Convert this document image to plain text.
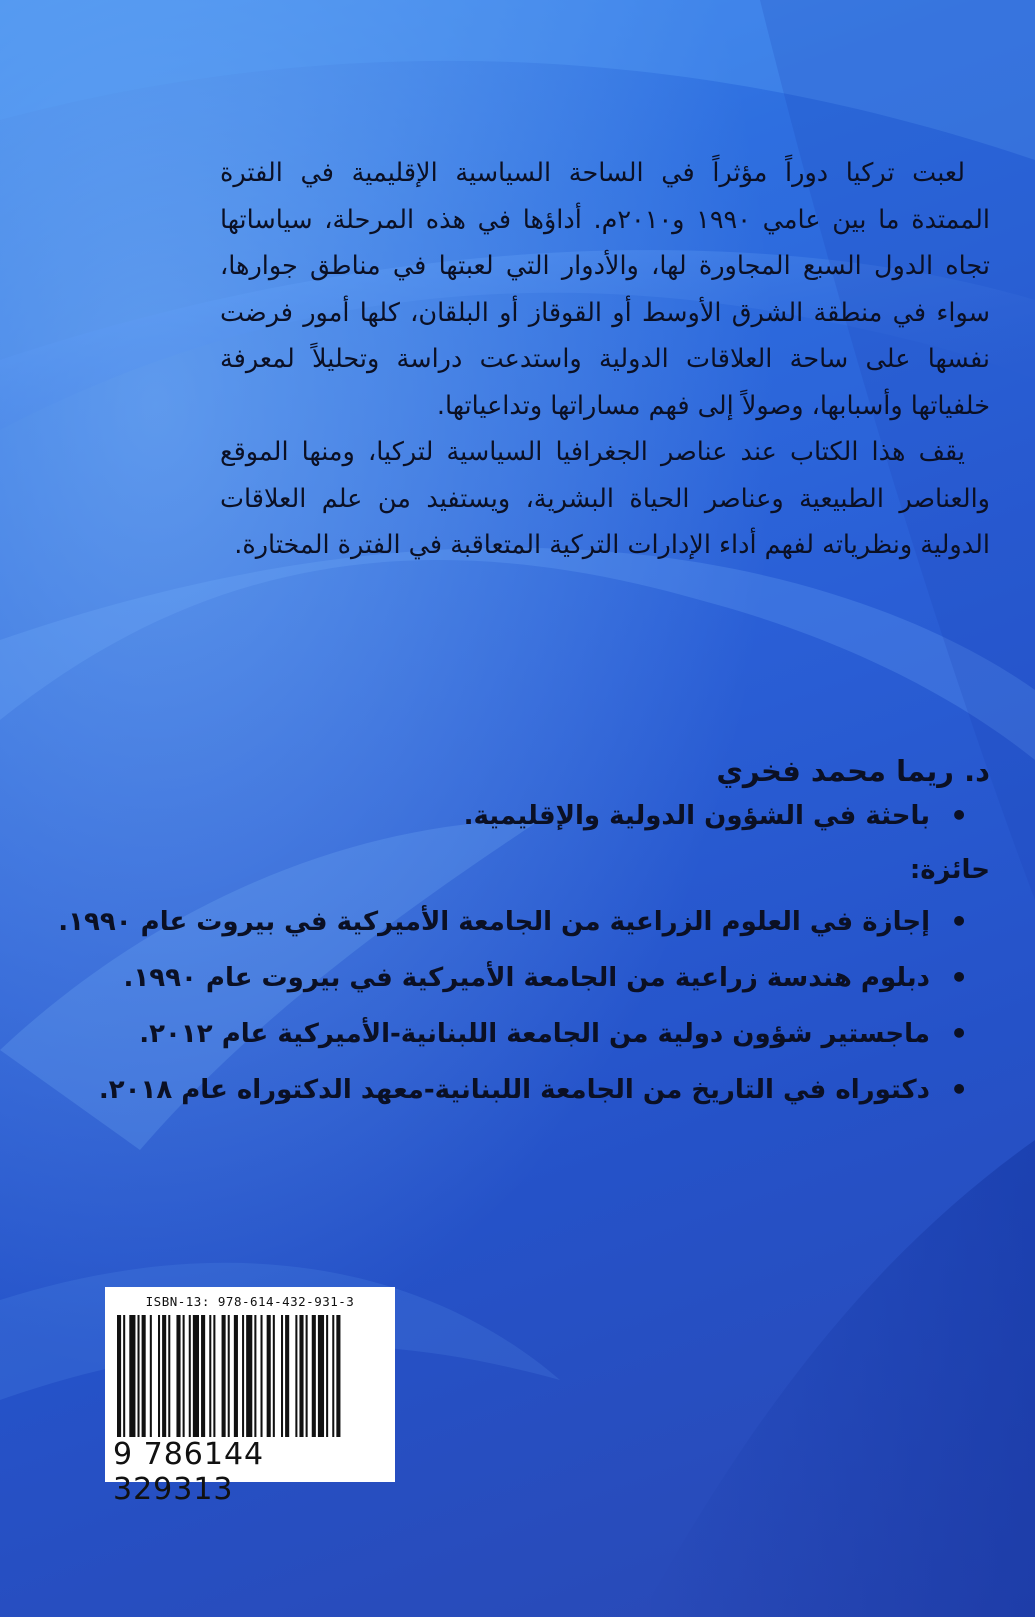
لعبت تركيا دوراً مؤثراً في الساحة السياسية الإقليمية في الفترة الممتدة ما بين عامي ١٩٩٠ و٢٠١٠م. أداؤها في هذه المرحلة، سياساتها تجاه الدول السبع المجاورة لها، والأدوار التي لعبتها في مناطق جوارها، سواء في منطقة الشرق الأوسط أو القوقاز أو البلقان، كلها أمور فرضت نفسها على ساحة العلاقات الدولية واستدعت دراسة وتحليلاً لمعرفة خلفياتها وأسبابها، وصولاً إلى فهم مساراتها وتداعياتها.

يقف هذا الكتاب عند عناصر الجغرافيا السياسية لتركيا، ومنها الموقع والعناصر الطبيعية وعناصر الحياة البشرية، ويستفيد من علم العلاقات الدولية ونظرياته لفهم أداء الإدارات التركية المتعاقبة في الفترة المختارة.

د. ريما محمد فخري

• باحثة في الشؤون الدولية والإقليمية.

حائزة:

• إجازة في العلوم الزراعية من الجامعة الأميركية في بيروت عام ١٩٩٠.
• دبلوم هندسة زراعية من الجامعة الأميركية في بيروت عام ١٩٩٠.
• ماجستير شؤون دولية من الجامعة اللبنانية-الأميركية عام ٢٠١٢.
• دكتوراه في التاريخ من الجامعة اللبنانية-معهد الدكتوراه عام ٢٠١٨.
ISBN-13: 978-614-432-931-3
9 786144 329313
